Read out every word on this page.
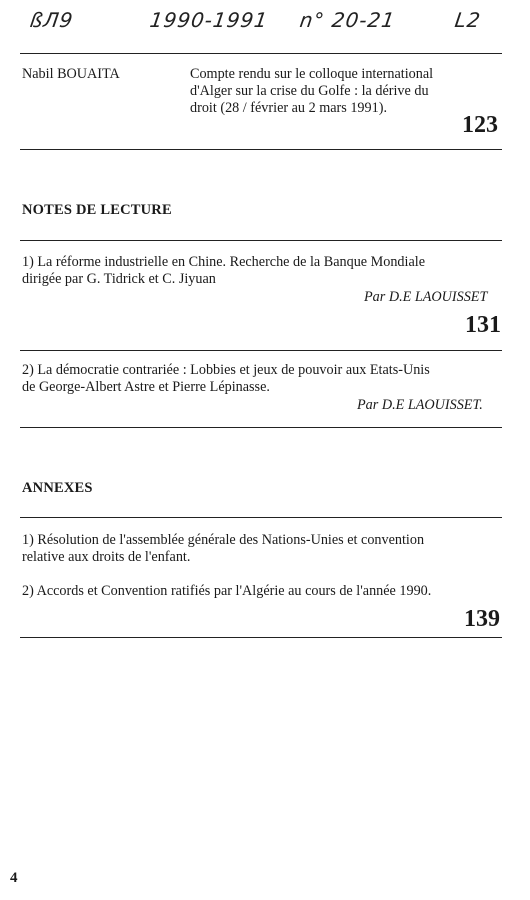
ßЛ9	1990-1991 n° 20-21	L2
Nabil BOUAITA	Compte rendu sur le colloque international
d'Alger sur la crise du Golfe : la dérive du
droit (28 / février au 2 mars 1991).
123
NOTES DE LECTURE
1) La réforme industrielle en Chine. Recherche de la Banque Mondiale
dirigée par G. Tidrick et C. Jiyuan
Par D.E LAOUISSET
131
2) La démocratie contrariée : Lobbies et jeux de pouvoir aux Etats-Unis
de George-Albert Astre et Pierre Lépinasse.
Par D.E LAOUISSET.
ANNEXES
1) Résolution de l'assemblée générale des Nations-Unies et convention
relative aux droits de l'enfant.
2) Accords et Convention ratifiés par l'Algérie au cours de l'année 1990.
139
4
